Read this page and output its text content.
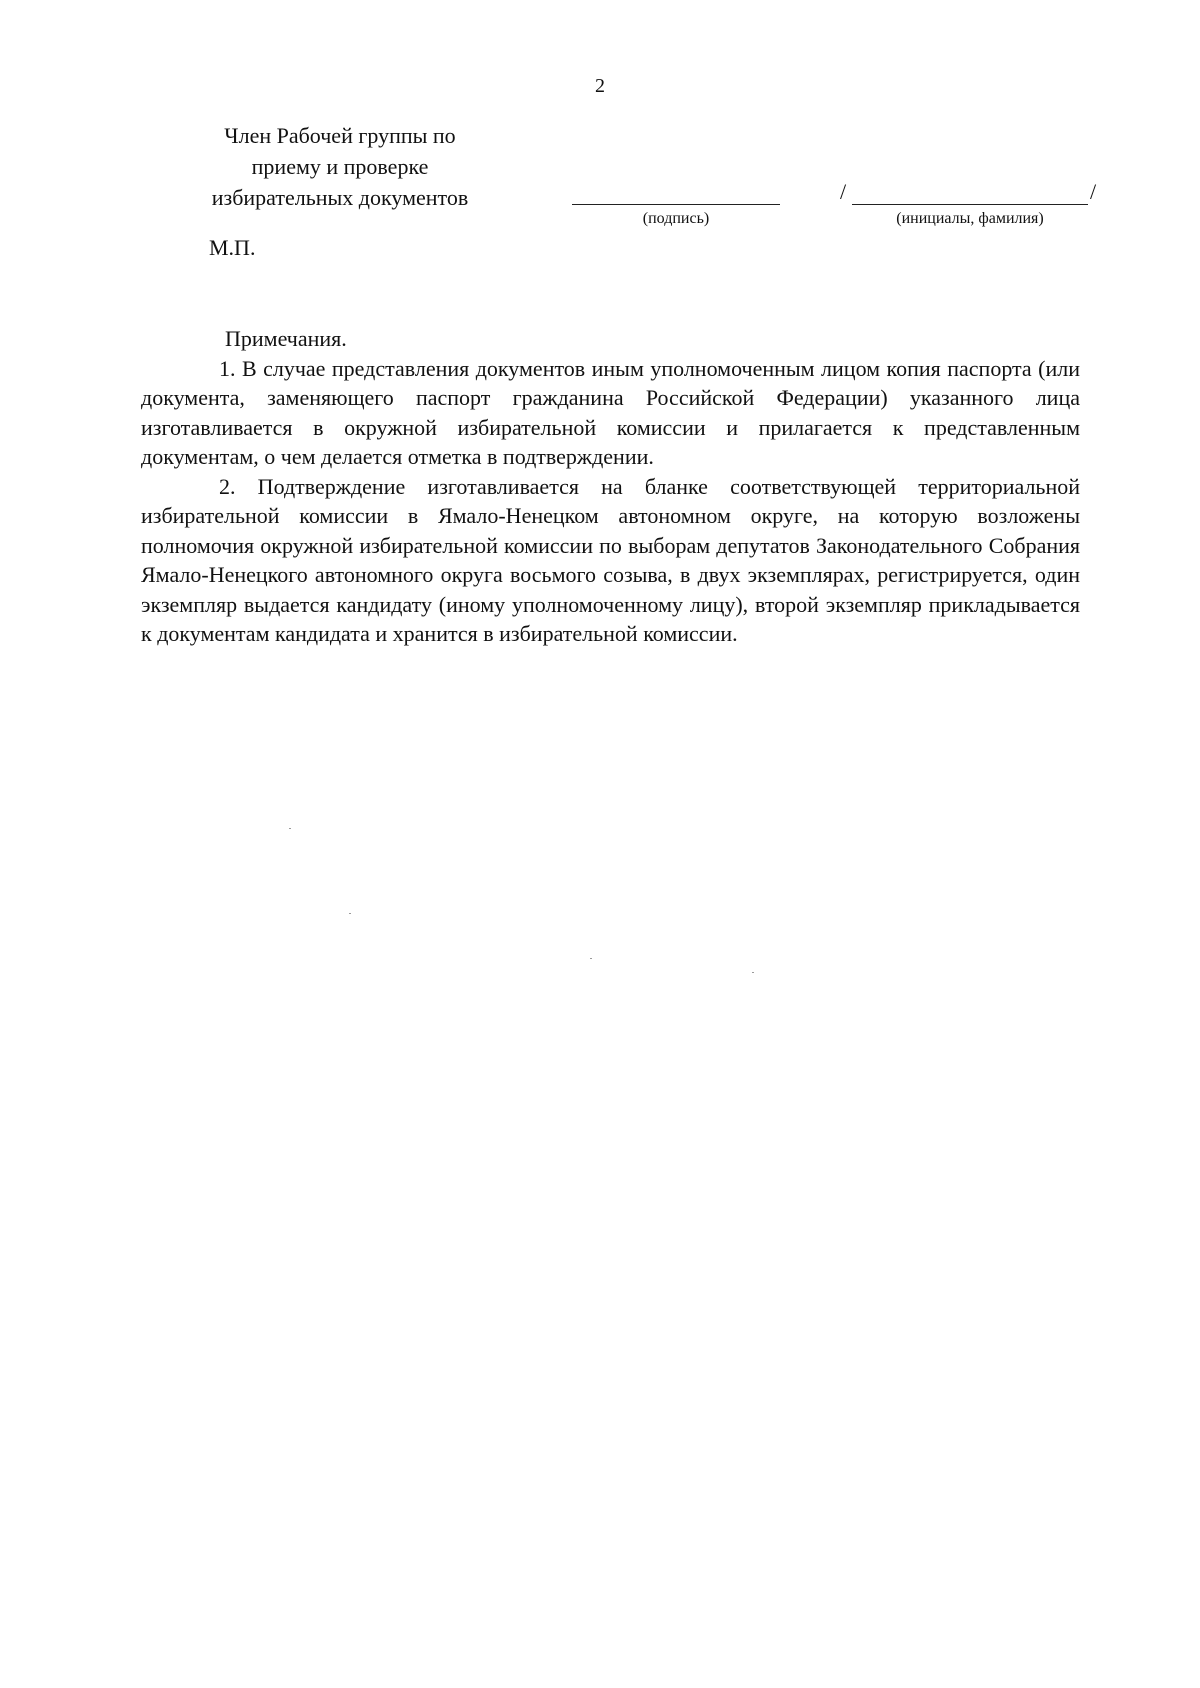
2
Член Рабочей группы по
приему и проверке
избирательных документов
(подпись)
/	/
(инициалы, фамилия)
М.П.

Примечания.

1. В случае представления документов иным уполномоченным лицом копия паспорта (или документа, заменяющего паспорт гражданина Российской Федерации) указанного лица изготавливается в окружной избирательной комиссии и прилагается к представленным документам, о чем делается отметка в подтверждении.

2. Подтверждение изготавливается на бланке соответствующей территориальной избирательной комиссии в Ямало-Ненецком автономном округе, на которую возложены полномочия окружной избирательной комиссии по выборам депутатов Законодательного Собрания Ямало-Ненецкого автономного округа восьмого созыва, в двух экземплярах, регистрируется, один экземпляр выдается кандидату (иному уполномоченному лицу), второй экземпляр прикладывается к документам кандидата и хранится в избирательной комиссии.
